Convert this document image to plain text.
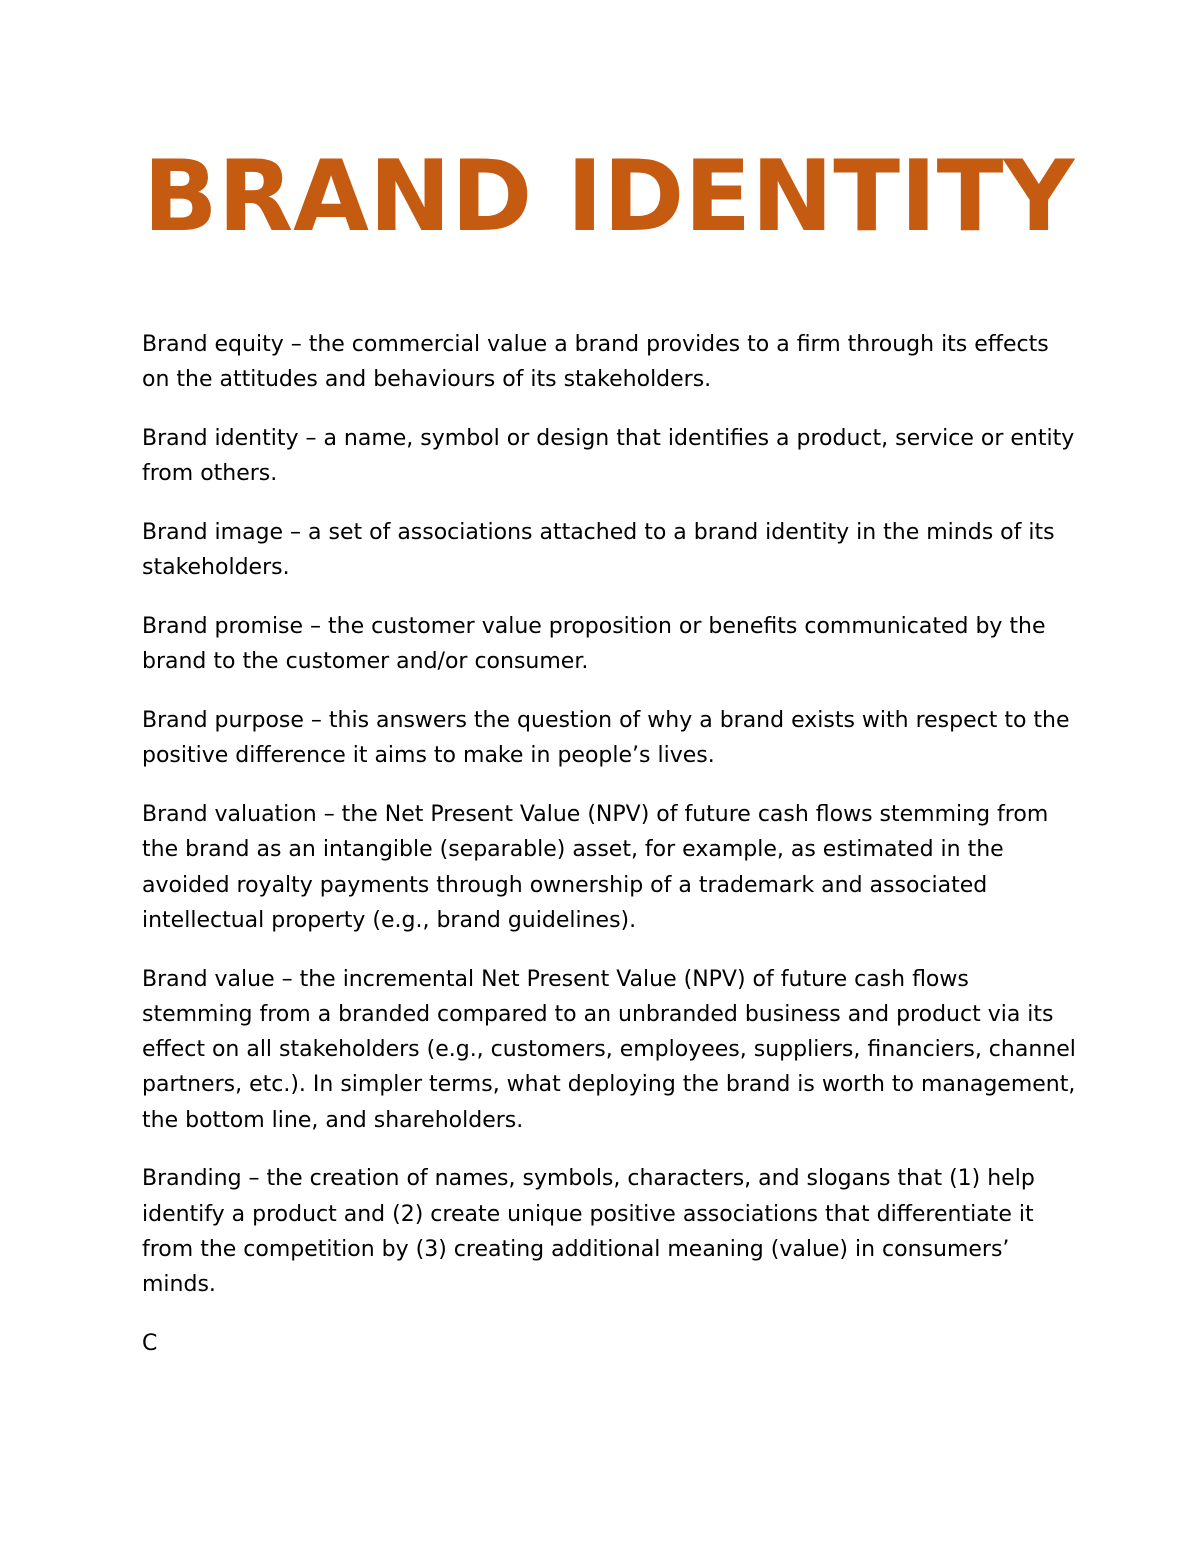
BRAND IDENTITY

Brand equity – the commercial value a brand provides to a firm through its effects on the attitudes and behaviours of its stakeholders.

Brand identity – a name, symbol or design that identifies a product, service or entity from others.

Brand image – a set of associations attached to a brand identity in the minds of its stakeholders.

Brand promise – the customer value proposition or benefits communicated by the brand to the customer and/or consumer.

Brand purpose – this answers the question of why a brand exists with respect to the positive difference it aims to make in people’s lives.

Brand valuation – the Net Present Value (NPV) of future cash flows stemming from the brand as an intangible (separable) asset, for example, as estimated in the avoided royalty payments through ownership of a trademark and associated intellectual property (e.g., brand guidelines).

Brand value – the incremental Net Present Value (NPV) of future cash flows stemming from a branded compared to an unbranded business and product via its effect on all stakeholders (e.g., customers, employees, suppliers, financiers, channel partners, etc.). In simpler terms, what deploying the brand is worth to management, the bottom line, and shareholders.

Branding – the creation of names, symbols, characters, and slogans that (1) help identify a product and (2) create unique positive associations that differentiate it from the competition by (3) creating additional meaning (value) in consumers’ minds.

C
